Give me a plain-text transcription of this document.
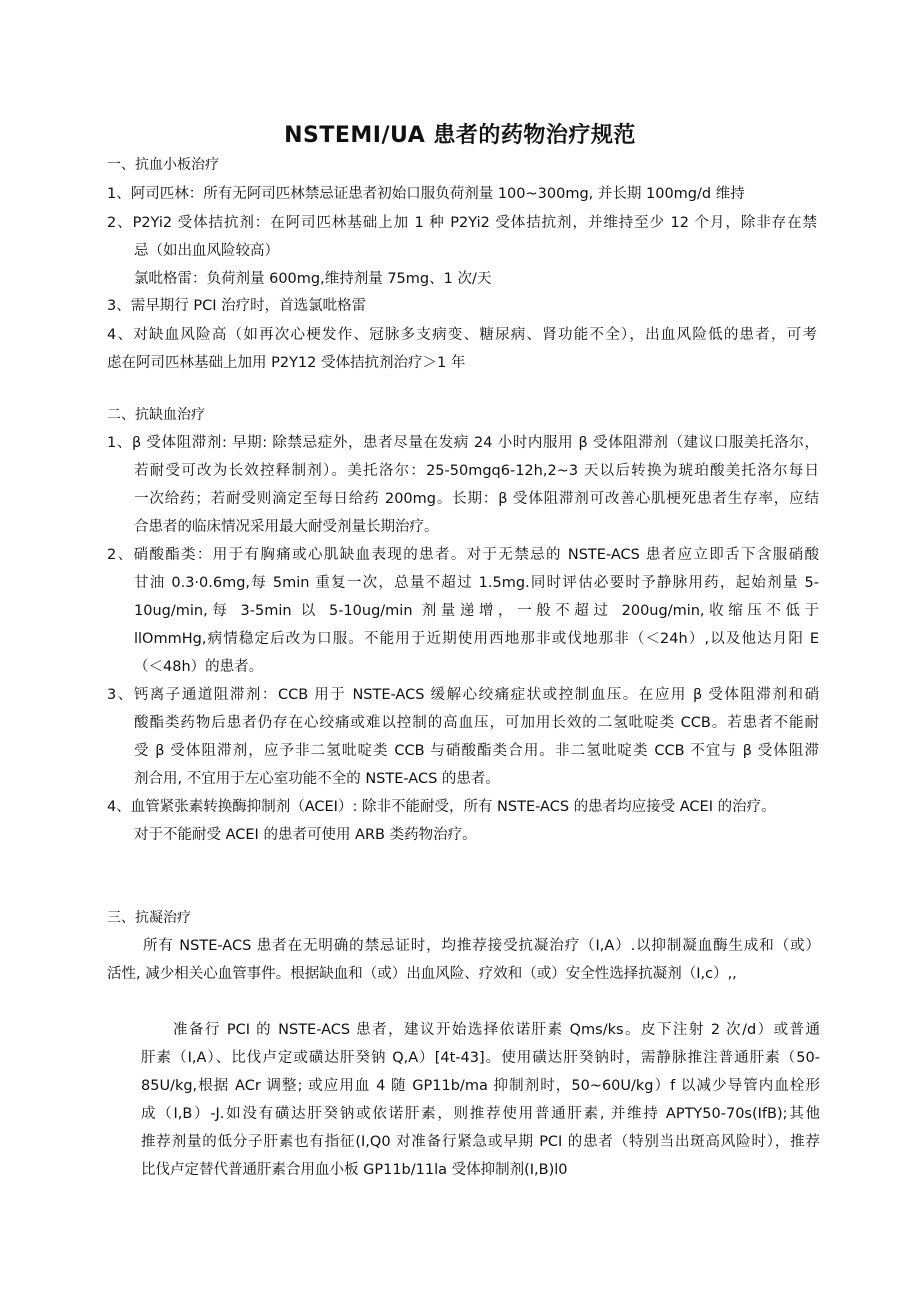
NSTEMI/UA 患者的药物治疗规范
一、抗血小板治疗
1、阿司匹林：所有无阿司匹林禁忌证患者初始口服负荷剂量 100~300mg, 并长期 100mg/d 维持
2、P2Yi2 受体拮抗剂：在阿司匹林基础上加 1 种 P2Yi2 受体拮抗剂，并维持至少 12 个月，除非存在禁
忌（如出血风险较高）
氯吡格雷：负荷剂量 600mg,维持剂量 75mg、1 次/天
3、需早期行 PCI 治疗时，首选氯吡格雷
4、对缺血风险高（如再次心梗发作、冠脉多支病变、糖尿病、肾功能不全），出血风险低的患者，可考
虑在阿司匹林基础上加用 P2Y12 受体拮抗剂治疗＞1 年
二、抗缺血治疗
1、β 受体阻滞剂: 早期: 除禁忌症外，患者尽量在发病 24 小时内服用 β 受体阻滞剂（建议口服美托洛尔，
若耐受可改为长效控释制剂）。美托洛尔：25-50mgq6-12h,2~3 天以后转换为琥珀酸美托洛尔每日
一次给药；若耐受则滴定至每日给药 200mg。长期：β 受体阻滞剂可改善心肌梗死患者生存率，应结
合患者的临床情况采用最大耐受剂量长期治疗。
2、硝酸酯类：用于有胸痛或心肌缺血表现的患者。对于无禁忌的 NSTE-ACS 患者应立即舌下含服硝酸
甘油 0.3·0.6mg,每 5min 重复一次，总量不超过 1.5mg.同时评估必要时予静脉用药，起始剂量 5-
10ug/min,每 3-5min 以 5-10ug/min 剂量递增，一般不超过 200ug/min,收缩压不低于
llOmmHg,病情稳定后改为口服。不能用于近期使用西地那非或伐地那非（＜24h）,以及他达月阳 E
（＜48h）的患者。
3、钙离子通道阻滞剂：CCB 用于 NSTE-ACS 缓解心绞痛症状或控制血压。在应用 β 受体阻滞剂和硝
酸酯类药物后患者仍存在心绞痛或难以控制的高血压，可加用长效的二氢吡啶类 CCB。若患者不能耐
受 β 受体阻滞剂，应予非二氢吡啶类 CCB 与硝酸酯类合用。非二氢吡啶类 CCB 不宜与 β 受体阻滞
剂合用, 不宜用于左心室功能不全的 NSTE-ACS 的患者。
4、血管紧张素转换酶抑制剂（ACEI）: 除非不能耐受，所有 NSTE-ACS 的患者均应接受 ACEI 的治疗。
对于不能耐受 ACEI 的患者可使用 ARB 类药物治疗。
三、抗凝治疗
所有 NSTE-ACS 患者在无明确的禁忌证时，均推荐接受抗凝治疗（I,A）.以抑制凝血酶生成和（或）
活性, 减少相关心血管事件。根据缺血和（或）出血风险、疗效和（或）安全性选择抗凝剂（I,c）,,
准备行 PCI 的 NSTE-ACS 患者，建议开始选择依诺肝素 Qms/ks。皮下注射 2 次/d）或普通
肝素（I,A）、比伐卢定或磺达肝癸钠 Q,A）[4t-43]。使用磺达肝癸钠时，需静脉推注普通肝素（50-
85U/kg,根据 ACr 调整; 或应用血 4 随 GP11b/ma 抑制剂时，50~60U/kg）f 以减少导管内血栓形
成（I,B）-J.如没有磺达肝癸钠或依诺肝素，则推荐使用普通肝素, 并维持 APTY50-70s(IfB);其他
推荐剂量的低分子肝素也有指征(I,Q0 对准备行紧急或早期 PCI 的患者（特别当出斑高风险时），推荐
比伐卢定替代普通肝素合用血小板 GP11b/11la 受体抑制剂(I,B)l0
